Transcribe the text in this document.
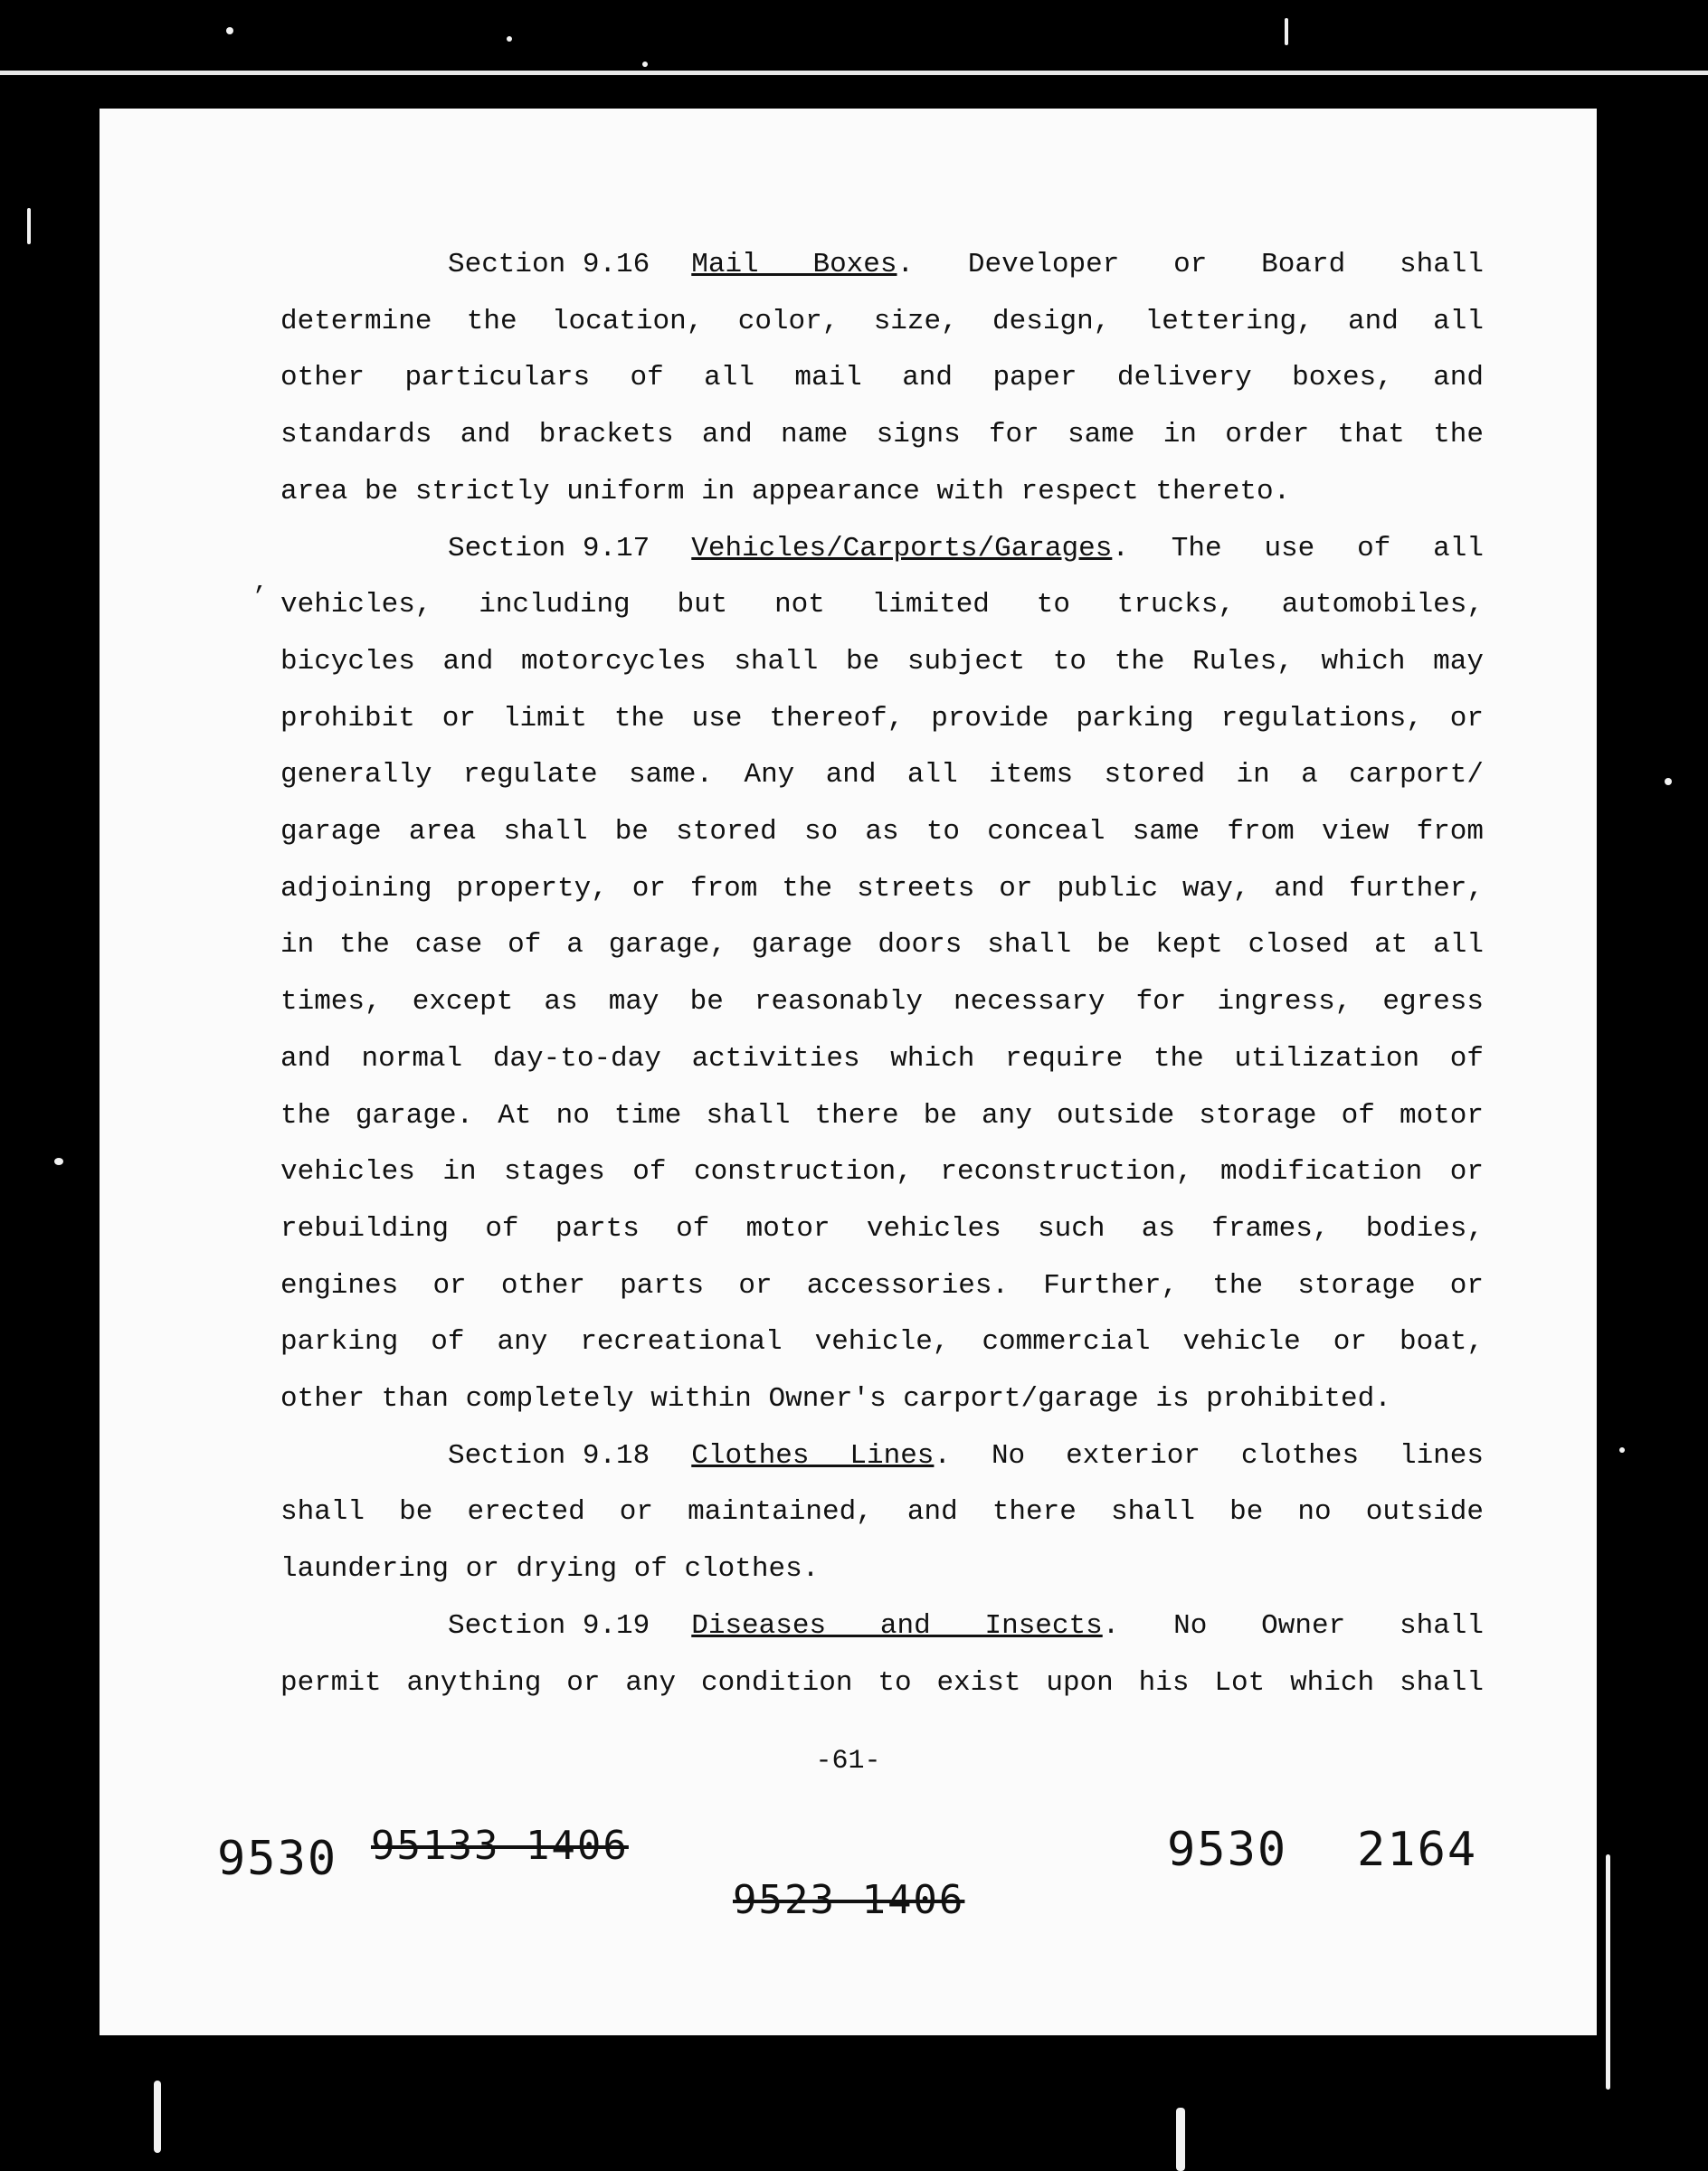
’
Section 9.16 Mail Boxes. Developer or Board shall
determine the location, color, size, design, lettering, and all
other particulars of all mail and paper delivery boxes, and
standards and brackets and name signs for same in order that the
area be strictly uniform in appearance with respect thereto.
Section 9.17 Vehicles/Carports/Garages. The use of all
vehicles, including but not limited to trucks, automobiles,
bicycles and motorcycles shall be subject to the Rules, which may
prohibit or limit the use thereof, provide parking regulations, or
generally regulate same. Any and all items stored in a carport/
garage area shall be stored so as to conceal same from view from
adjoining property, or from the streets or public way, and further,
in the case of a garage, garage doors shall be kept closed at all
times, except as may be reasonably necessary for ingress, egress
and normal day-to-day activities which require the utilization of
the garage. At no time shall there be any outside storage of motor
vehicles in stages of construction, reconstruction, modification or
rebuilding of parts of motor vehicles such as frames, bodies,
engines or other parts or accessories. Further, the storage or
parking of any recreational vehicle, commercial vehicle or boat,
other than completely within Owner's carport/garage is prohibited.
Section 9.18 Clothes Lines. No exterior clothes lines
shall be erected or maintained, and there shall be no outside
laundering or drying of clothes.
Section 9.19 Diseases and Insects. No Owner shall
permit anything or any condition to exist upon his Lot which shall
-61-
9530 95133 1406
9523 1406
9530 2164
